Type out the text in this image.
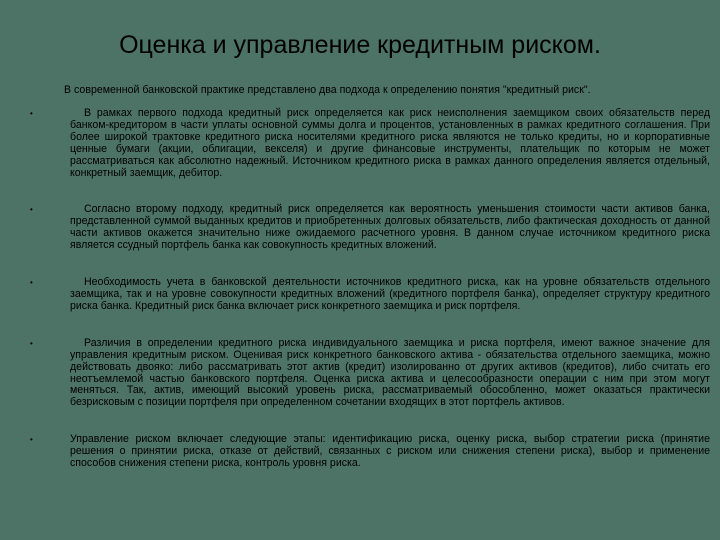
Оценка и управление кредитным риском.
В современной банковской практике представлено два подхода к определению понятия "кредитный риск".
•	В рамках первого подхода кредитный риск определяется как риск неисполнения заемщиком своих обязательств перед банком-кредитором в части уплаты основной суммы долга и процентов, установленных в рамках кредитного соглашения. При более широкой трактовке кредитного риска носителями кредитного риска являются не только кредиты, но и корпоративные ценные бумаги (акции, облигации, векселя) и другие финансовые инструменты, плательщик по которым не может рассматриваться как абсолютно надежный. Источником кредитного риска в рамках данного определения является отдельный, конкретный заемщик, дебитор.
•	Согласно второму подходу, кредитный риск определяется как вероятность уменьшения стоимости части активов банка, представленной суммой выданных кредитов и приобретенных долговых обязательств, либо фактическая доходность от данной части активов окажется значительно ниже ожидаемого расчетного уровня. В данном случае источником кредитного риска является ссудный портфель банка как совокупность кредитных вложений.
•	Необходимость учета в банковской деятельности источников кредитного риска, как на уровне обязательств отдельного заемщика, так и на уровне совокупности кредитных вложений (кредитного портфеля банка), определяет структуру кредитного риска банка. Кредитный риск банка включает риск конкретного заемщика и риск портфеля.
•	Различия в определении кредитного риска индивидуального заемщика и риска портфеля, имеют важное значение для управления кредитным риском. Оценивая риск конкретного банковского актива - обязательства отдельного заемщика, можно действовать двояко: либо рассматривать этот актив (кредит) изолированно от других активов (кредитов), либо считать его неотъемлемой частью банковского портфеля. Оценка риска актива и целесообразности операции с ним при этом могут меняться. Так, актив, имеющий высокий уровень риска, рассматриваемый обособленно, может оказаться практически безрисковым с позиции портфеля при определенном сочетании входящих в этот портфель активов.
•	Управление риском включает следующие этапы: идентификацию риска, оценку риска, выбор стратегии риска (принятие решения о принятии риска, отказе от действий, связанных с риском или снижения степени риска), выбор и применение способов снижения степени риска, контроль уровня риска.
